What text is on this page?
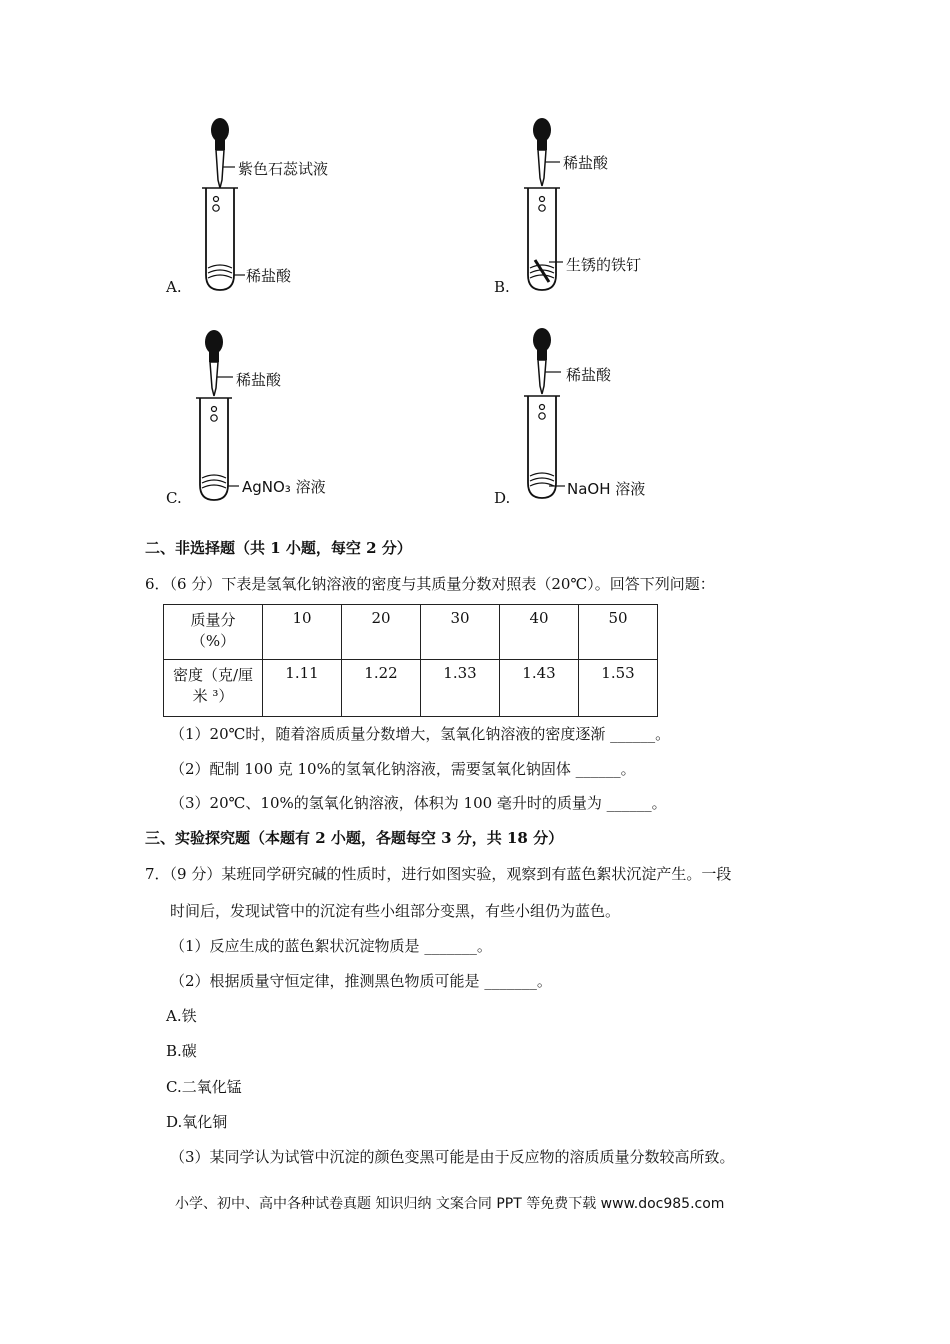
紫色石蕊试液
稀盐酸
A.
稀盐酸
生锈的铁钉
B.
稀盐酸
AgNO₃ 溶液
C.
稀盐酸
NaOH 溶液
D.
二、非选择题（共 1 小题，每空 2 分）
6．（6 分）下表是氢氧化钠溶液的密度与其质量分数对照表（20℃）。回答下列问题：
质量分
（%）	10	20	30	40	50

密度（克/厘
米 ³）	1.11	1.22	1.33	1.43	1.53
（1）20℃时，随着溶质质量分数增大，氢氧化钠溶液的密度逐渐 ______。
（2）配制 100 克 10%的氢氧化钠溶液，需要氢氧化钠固体 ______。
（3）20℃、10%的氢氧化钠溶液，体积为 100 毫升时的质量为 ______。
三、实验探究题（本题有 2 小题，各题每空 3 分，共 18 分）
7．（9 分）某班同学研究碱的性质时，进行如图实验，观察到有蓝色絮状沉淀产生。一段
时间后，发现试管中的沉淀有些小组部分变黑，有些小组仍为蓝色。
（1）反应生成的蓝色絮状沉淀物质是 _______。
（2）根据质量守恒定律，推测黑色物质可能是 _______。
A.铁
B.碳
C.二氧化锰
D.氧化铜
（3）某同学认为试管中沉淀的颜色变黑可能是由于反应物的溶质质量分数较高所致。
小学、初中、高中各种试卷真题 知识归纳 文案合同 PPT 等免费下载 www.doc985.com
